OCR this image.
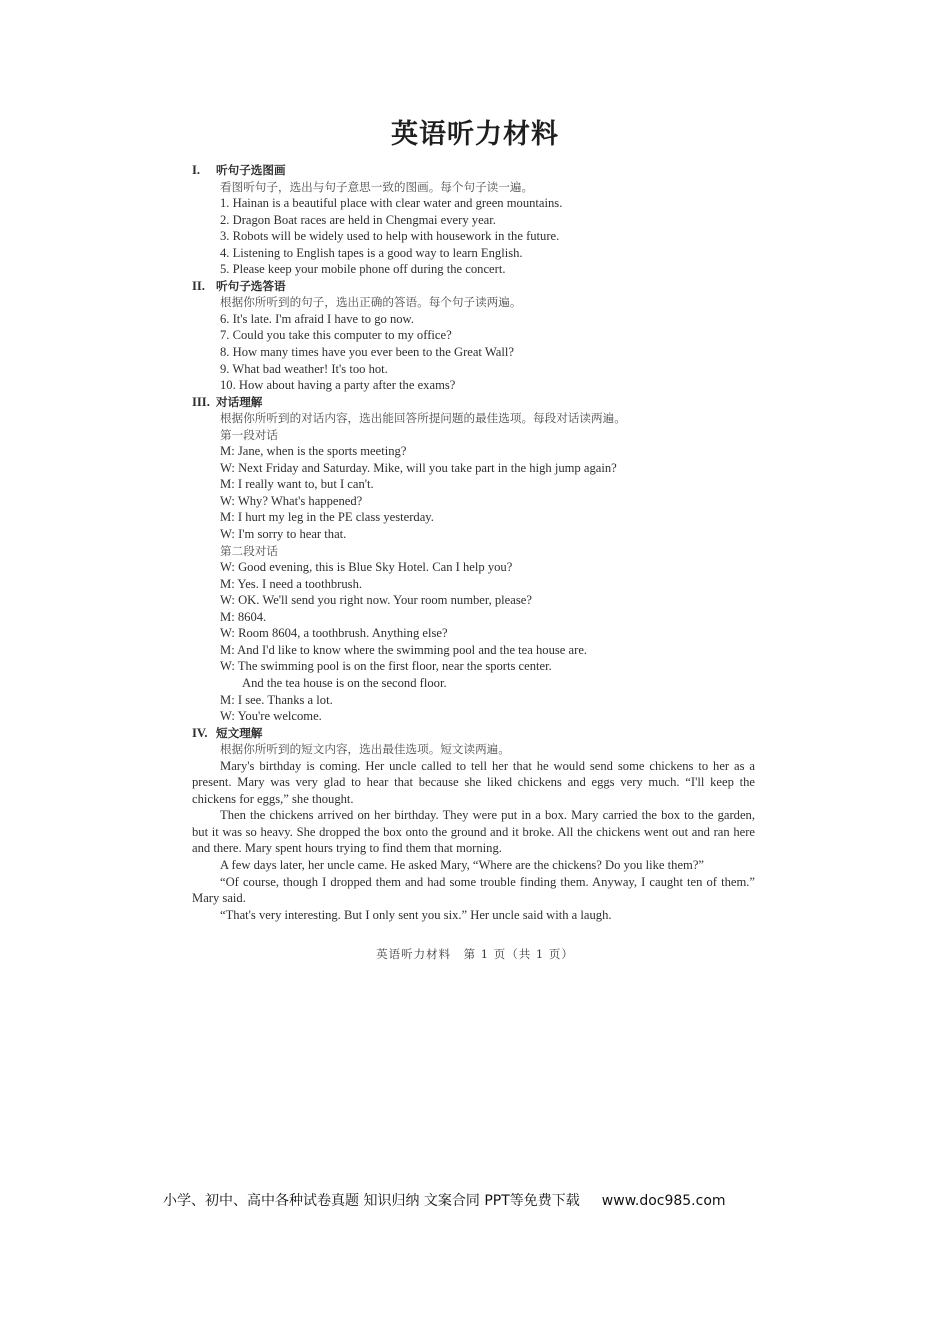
英语听力材料
I. 听句子选图画
看图听句子，选出与句子意思一致的图画。每个句子读一遍。
1. Hainan is a beautiful place with clear water and green mountains.
2. Dragon Boat races are held in Chengmai every year.
3. Robots will be widely used to help with housework in the future.
4. Listening to English tapes is a good way to learn English.
5. Please keep your mobile phone off during the concert.
II. 听句子选答语
根据你所听到的句子，选出正确的答语。每个句子读两遍。
6. It's late. I'm afraid I have to go now.
7. Could you take this computer to my office?
8. How many times have you ever been to the Great Wall?
9. What bad weather! It's too hot.
10. How about having a party after the exams?
III. 对话理解
根据你所听到的对话内容，选出能回答所提问题的最佳选项。每段对话读两遍。
第一段对话
M: Jane, when is the sports meeting?
W: Next Friday and Saturday. Mike, will you take part in the high jump again?
M: I really want to, but I can't.
W: Why? What's happened?
M: I hurt my leg in the PE class yesterday.
W: I'm sorry to hear that.
第二段对话
W: Good evening, this is Blue Sky Hotel. Can I help you?
M: Yes. I need a toothbrush.
W: OK. We'll send you right now. Your room number, please?
M: 8604.
W: Room 8604, a toothbrush. Anything else?
M: And I'd like to know where the swimming pool and the tea house are.
W: The swimming pool is on the first floor, near the sports center.
And the tea house is on the second floor.
M: I see. Thanks a lot.
W: You're welcome.
IV. 短文理解
根据你所听到的短文内容，选出最佳选项。短文读两遍。
Mary's birthday is coming. Her uncle called to tell her that he would send some chickens to her as a present. Mary was very glad to hear that because she liked chickens and eggs very much. “I'll keep the chickens for eggs,” she thought.
Then the chickens arrived on her birthday. They were put in a box. Mary carried the box to the garden, but it was so heavy. She dropped the box onto the ground and it broke. All the chickens went out and ran here and there. Mary spent hours trying to find them that morning.
A few days later, her uncle came. He asked Mary, “Where are the chickens? Do you like them?”
“Of course, though I dropped them and had some trouble finding them. Anyway, I caught ten of them.” Mary said.
“That's very interesting. But I only sent you six.” Her uncle said with a laugh.
英语听力材料　第 1 页（共 1 页）
小学、初中、高中各种试卷真题 知识归纳 文案合同 PPT等免费下载 www.doc985.com
